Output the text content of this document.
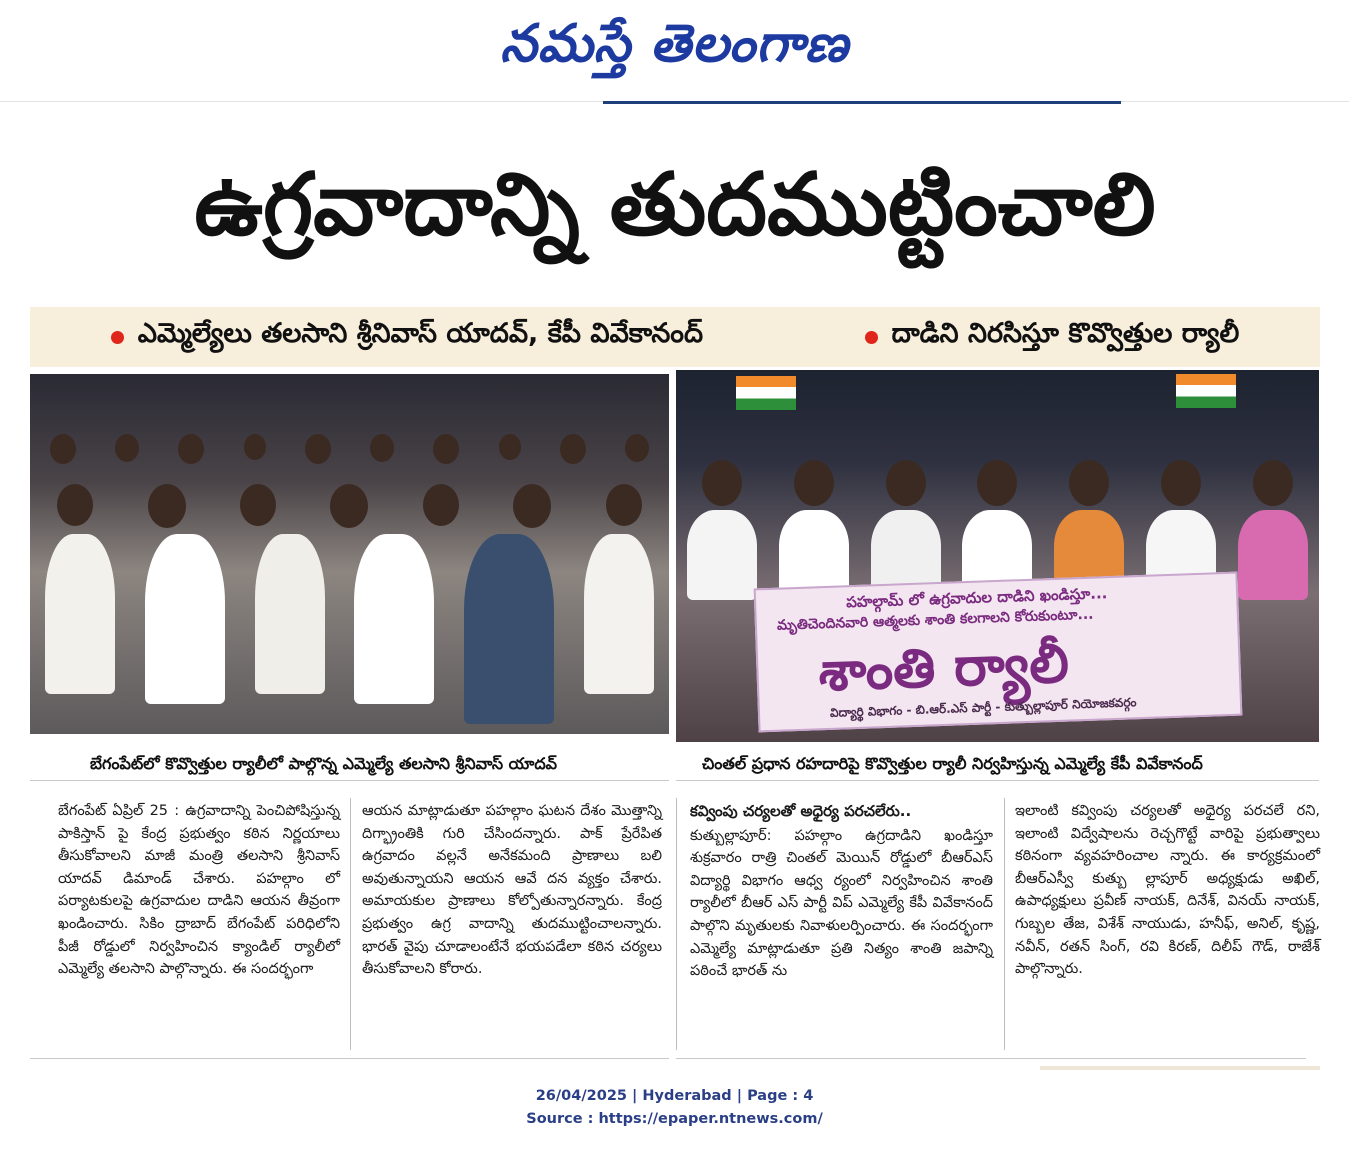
నమస్తే తెలంగాణ
ఉగ్రవాదాన్ని తుదముట్టించాలి
ఎమ్మెల్యేలు తలసాని శ్రీనివాస్ యాదవ్, కేపీ వివేకానంద్	దాడిని నిరసిస్తూ కొవ్వొత్తుల ర్యాలీ
పహల్గామ్ లో ఉగ్రవాదుల దాడిని ఖండిస్తూ...
మృతిచెందినవారి ఆత్మలకు శాంతి కలగాలని కోరుకుంటూ...
శాంతి ర్యాలీ
విద్యార్థి విభాగం - బి.ఆర్.ఎస్ పార్టీ - కుత్బుల్లాపూర్ నియోజకవర్గం
బేగంపేట్‌లో కొవ్వొత్తుల ర్యాలీలో పాల్గొన్న ఎమ్మెల్యే తలసాని శ్రీనివాస్ యాదవ్	చింతల్ ప్రధాన రహదారిపై కొవ్వొత్తుల ర్యాలీ నిర్వహిస్తున్న ఎమ్మెల్యే కేపీ వివేకానంద్

బేగంపేట్ ఏప్రిల్ 25 : ఉగ్రవాదాన్ని పెంచిపోషిస్తున్న పాకిస్తాన్ పై కేంద్ర ప్రభుత్వం కఠిన నిర్ణయాలు తీసుకోవాలని మాజీ మంత్రి తలసాని శ్రీనివాస్ యాదవ్ డిమాండ్ చేశారు. పహల్గాం లో పర్యాటకులపై ఉగ్రవాదుల దాడిని ఆయన తీవ్రంగా ఖండించారు. సికిం ద్రాబాద్ బేగంపేట్ పరిధిలోని పీజీ రోడ్డులో నిర్వహించిన క్యాండిల్ ర్యాలీలో ఎమ్మెల్యే తలసాని పాల్గొన్నారు. ఈ సందర్భంగా

ఆయన మాట్లాడుతూ పహల్గాం ఘటన దేశం మొత్తాన్ని దిగ్భ్రాంతికి గురి చేసిందన్నారు. పాక్ ప్రేరేపిత ఉగ్రవాదం వల్లనే అనేకమంది ప్రాణాలు బలి అవుతున్నాయని ఆయన ఆవే దన వ్యక్తం చేశారు. అమాయకుల ప్రాణాలు కోల్పోతున్నారన్నారు. కేంద్ర ప్రభుత్వం ఉగ్ర వాదాన్ని తుదముట్టించాలన్నారు. భారత్ వైపు చూడాలంటేనే భయపడేలా కఠిన చర్యలు తీసుకోవాలని కోరారు.

కవ్వింపు చర్యలతో అధైర్య పరచలేరు..

కుత్బుల్లాపూర్: పహల్గాం ఉగ్రదాడిని ఖండిస్తూ శుక్రవారం రాత్రి చింతల్ మెయిన్ రోడ్డులో బీఆర్ఎస్ విద్యార్థి విభాగం ఆధ్వ ర్యంలో నిర్వహించిన శాంతి ర్యాలీలో బీఆర్ ఎస్ పార్టీ విప్ ఎమ్మెల్యే కేపీ వివేకానంద్ పాల్గొని మృతులకు నివాళులర్పించారు. ఈ సందర్భంగా ఎమ్మెల్యే మాట్లాడుతూ ప్రతి నిత్యం శాంతి జపాన్ని పఠించే భారత్ ను

ఇలాంటి కవ్వింపు చర్యలతో అధైర్య పరచలే రని, ఇలాంటి విద్వేషాలను రెచ్చగొట్టే వారిపై ప్రభుత్వాలు కఠినంగా వ్యవహరించాల న్నారు. ఈ కార్యక్రమంలో బీఆర్ఎస్వీ కుత్బు ల్లాపూర్ అధ్యక్షుడు అఖిల్, ఉపాధ్యక్షులు ప్రవీణ్ నాయక్, దినేశ్, వినయ్ నాయక్, గుబ్బల తేజ, విశేశ్ నాయుడు, హనీఫ్, అనిల్, కృష్ణ, నవీన్, రతన్ సింగ్, రవి కిరణ్, దిలీప్ గౌడ్, రాజేశ్ పాల్గొన్నారు.

26/04/2025 | Hyderabad | Page : 4
Source : https://epaper.ntnews.com/
